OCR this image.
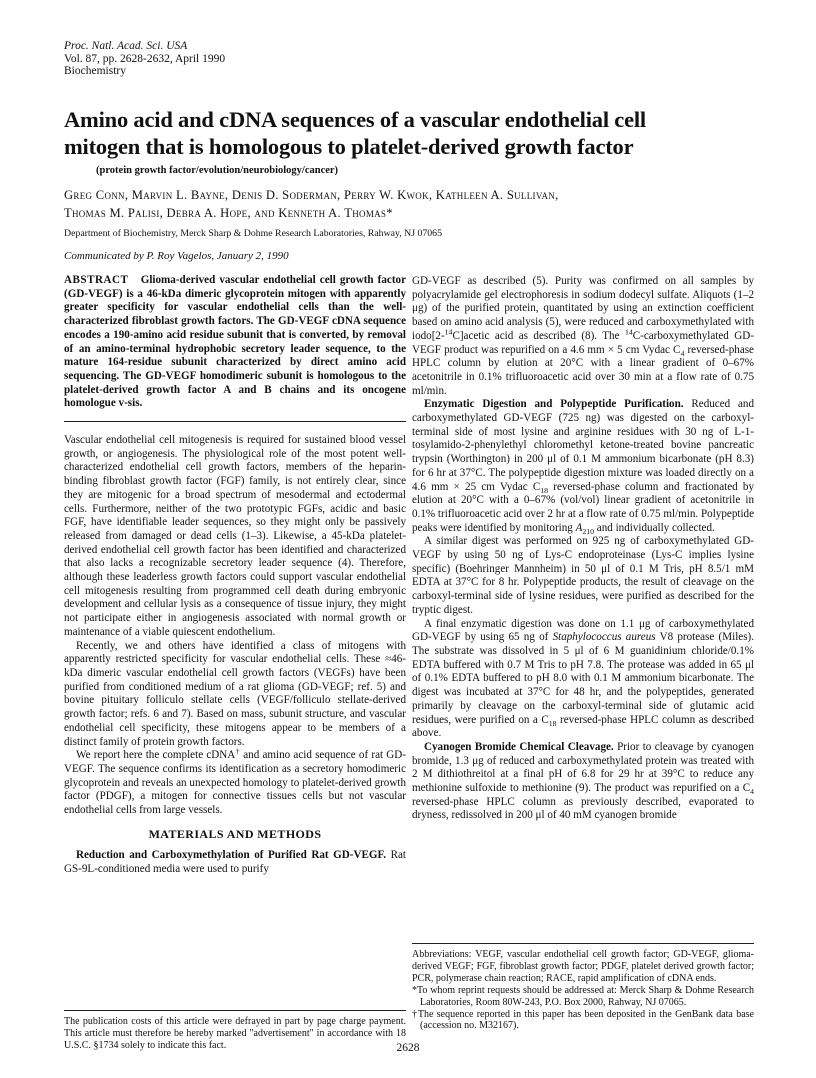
Proc. Natl. Acad. Sci. USA
Vol. 87, pp. 2628-2632, April 1990
Biochemistry
Amino acid and cDNA sequences of a vascular endothelial cell
mitogen that is homologous to platelet-derived growth factor
(protein growth factor/evolution/neurobiology/cancer)
Greg Conn, Marvin L. Bayne, Denis D. Soderman, Perry W. Kwok, Kathleen A. Sullivan,
Thomas M. Palisi, Debra A. Hope, and Kenneth A. Thomas*
Department of Biochemistry, Merck Sharp & Dohme Research Laboratories, Rahway, NJ 07065
Communicated by P. Roy Vagelos, January 2, 1990

ABSTRACT Glioma-derived vascular endothelial cell growth factor (GD-VEGF) is a 46-kDa dimeric glycoprotein mitogen with apparently greater specificity for vascular endothelial cells than the well-characterized fibroblast growth factors. The GD-VEGF cDNA sequence encodes a 190-amino acid residue subunit that is converted, by removal of an amino-terminal hydrophobic secretory leader sequence, to the mature 164-residue subunit characterized by direct amino acid sequencing. The GD-VEGF homodimeric subunit is homologous to the platelet-derived growth factor A and B chains and its oncogene homologue v-sis.

Vascular endothelial cell mitogenesis is required for sustained blood vessel growth, or angiogenesis. The physiological role of the most potent well-characterized endothelial cell growth factors, members of the heparin-binding fibroblast growth factor (FGF) family, is not entirely clear, since they are mitogenic for a broad spectrum of mesodermal and ectodermal cells. Furthermore, neither of the two prototypic FGFs, acidic and basic FGF, have identifiable leader sequences, so they might only be passively released from damaged or dead cells (1–3). Likewise, a 45-kDa platelet-derived endothelial cell growth factor has been identified and characterized that also lacks a recognizable secretory leader sequence (4). Therefore, although these leaderless growth factors could support vascular endothelial cell mitogenesis resulting from programmed cell death during embryonic development and cellular lysis as a consequence of tissue injury, they might not participate either in angiogenesis associated with normal growth or maintenance of a viable quiescent endothelium.

Recently, we and others have identified a class of mitogens with apparently restricted specificity for vascular endothelial cells. These ≈46-kDa dimeric vascular endothelial cell growth factors (VEGFs) have been purified from conditioned medium of a rat glioma (GD-VEGF; ref. 5) and bovine pituitary folliculo stellate cells (VEGF/folliculo stellate-derived growth factor; refs. 6 and 7). Based on mass, subunit structure, and vascular endothelial cell specificity, these mitogens appear to be members of a distinct family of protein growth factors.

We report here the complete cDNA† and amino acid sequence of rat GD-VEGF. The sequence confirms its identification as a secretory homodimeric glycoprotein and reveals an unexpected homology to platelet-derived growth factor (PDGF), a mitogen for connective tissues cells but not vascular endothelial cells from large vessels.

MATERIALS AND METHODS

Reduction and Carboxymethylation of Purified Rat GD-VEGF. Rat GS-9L-conditioned media were used to purify

The publication costs of this article were defrayed in part by page charge payment. This article must therefore be hereby marked "advertisement" in accordance with 18 U.S.C. §1734 solely to indicate this fact.

GD-VEGF as described (5). Purity was confirmed on all samples by polyacrylamide gel electrophoresis in sodium dodecyl sulfate. Aliquots (1–2 μg) of the purified protein, quantitated by using an extinction coefficient based on amino acid analysis (5), were reduced and carboxymethylated with iodo[2-$^{14}$C]acetic acid as described (8). The $^{14}$C-carboxymethylated GD-VEGF product was repurified on a 4.6 mm × 5 cm Vydac $C_4$ reversed-phase HPLC column by elution at 20°C with a linear gradient of 0–67% acetonitrile in 0.1% trifluoroacetic acid over 30 min at a flow rate of 0.75 ml/min.

Enzymatic Digestion and Polypeptide Purification. Reduced and carboxymethylated GD-VEGF (725 ng) was digested on the carboxyl-terminal side of most lysine and arginine residues with 30 ng of L-1-tosylamido-2-phenylethyl chloromethyl ketone-treated bovine pancreatic trypsin (Worthington) in 200 μl of 0.1 M ammonium bicarbonate (pH 8.3) for 6 hr at 37°C. The polypeptide digestion mixture was loaded directly on a 4.6 mm × 25 cm Vydac $C_{18}$ reversed-phase column and fractionated by elution at 20°C with a 0–67% (vol/vol) linear gradient of acetonitrile in 0.1% trifluoroacetic acid over 2 hr at a flow rate of 0.75 ml/min. Polypeptide peaks were identified by monitoring $A_{210}$ and individually collected.

A similar digest was performed on 925 ng of carboxymethylated GD-VEGF by using 50 ng of Lys-C endoproteinase (Lys-C implies lysine specific) (Boehringer Mannheim) in 50 μl of 0.1 M Tris, pH 8.5/1 mM EDTA at 37°C for 8 hr. Polypeptide products, the result of cleavage on the carboxyl-terminal side of lysine residues, were purified as described for the tryptic digest.

A final enzymatic digestion was done on 1.1 μg of carboxymethylated GD-VEGF by using 65 ng of Staphylococcus aureus V8 protease (Miles). The substrate was dissolved in 5 μl of 6 M guanidinium chloride/0.1% EDTA buffered with 0.7 M Tris to pH 7.8. The protease was added in 65 μl of 0.1% EDTA buffered to pH 8.0 with 0.1 M ammonium bicarbonate. The digest was incubated at 37°C for 48 hr, and the polypeptides, generated primarily by cleavage on the carboxyl-terminal side of glutamic acid residues, were purified on a $C_{18}$ reversed-phase HPLC column as described above.

Cyanogen Bromide Chemical Cleavage. Prior to cleavage by cyanogen bromide, 1.3 μg of reduced and carboxymethylated protein was treated with 2 M dithiothreitol at a final pH of 6.8 for 29 hr at 39°C to reduce any methionine sulfoxide to methionine (9). The product was repurified on a $C_4$ reversed-phase HPLC column as previously described, evaporated to dryness, redissolved in 200 μl of 40 mM cyanogen bromide

Abbreviations: VEGF, vascular endothelial cell growth factor; GD-VEGF, glioma-derived VEGF; FGF, fibroblast growth factor; PDGF, platelet derived growth factor; PCR, polymerase chain reaction; RACE, rapid amplification of cDNA ends.

*To whom reprint requests should be addressed at: Merck Sharp & Dohme Research Laboratories, Room 80W-243, P.O. Box 2000, Rahway, NJ 07065.

†The sequence reported in this paper has been deposited in the GenBank data base (accession no. M32167).

2628
